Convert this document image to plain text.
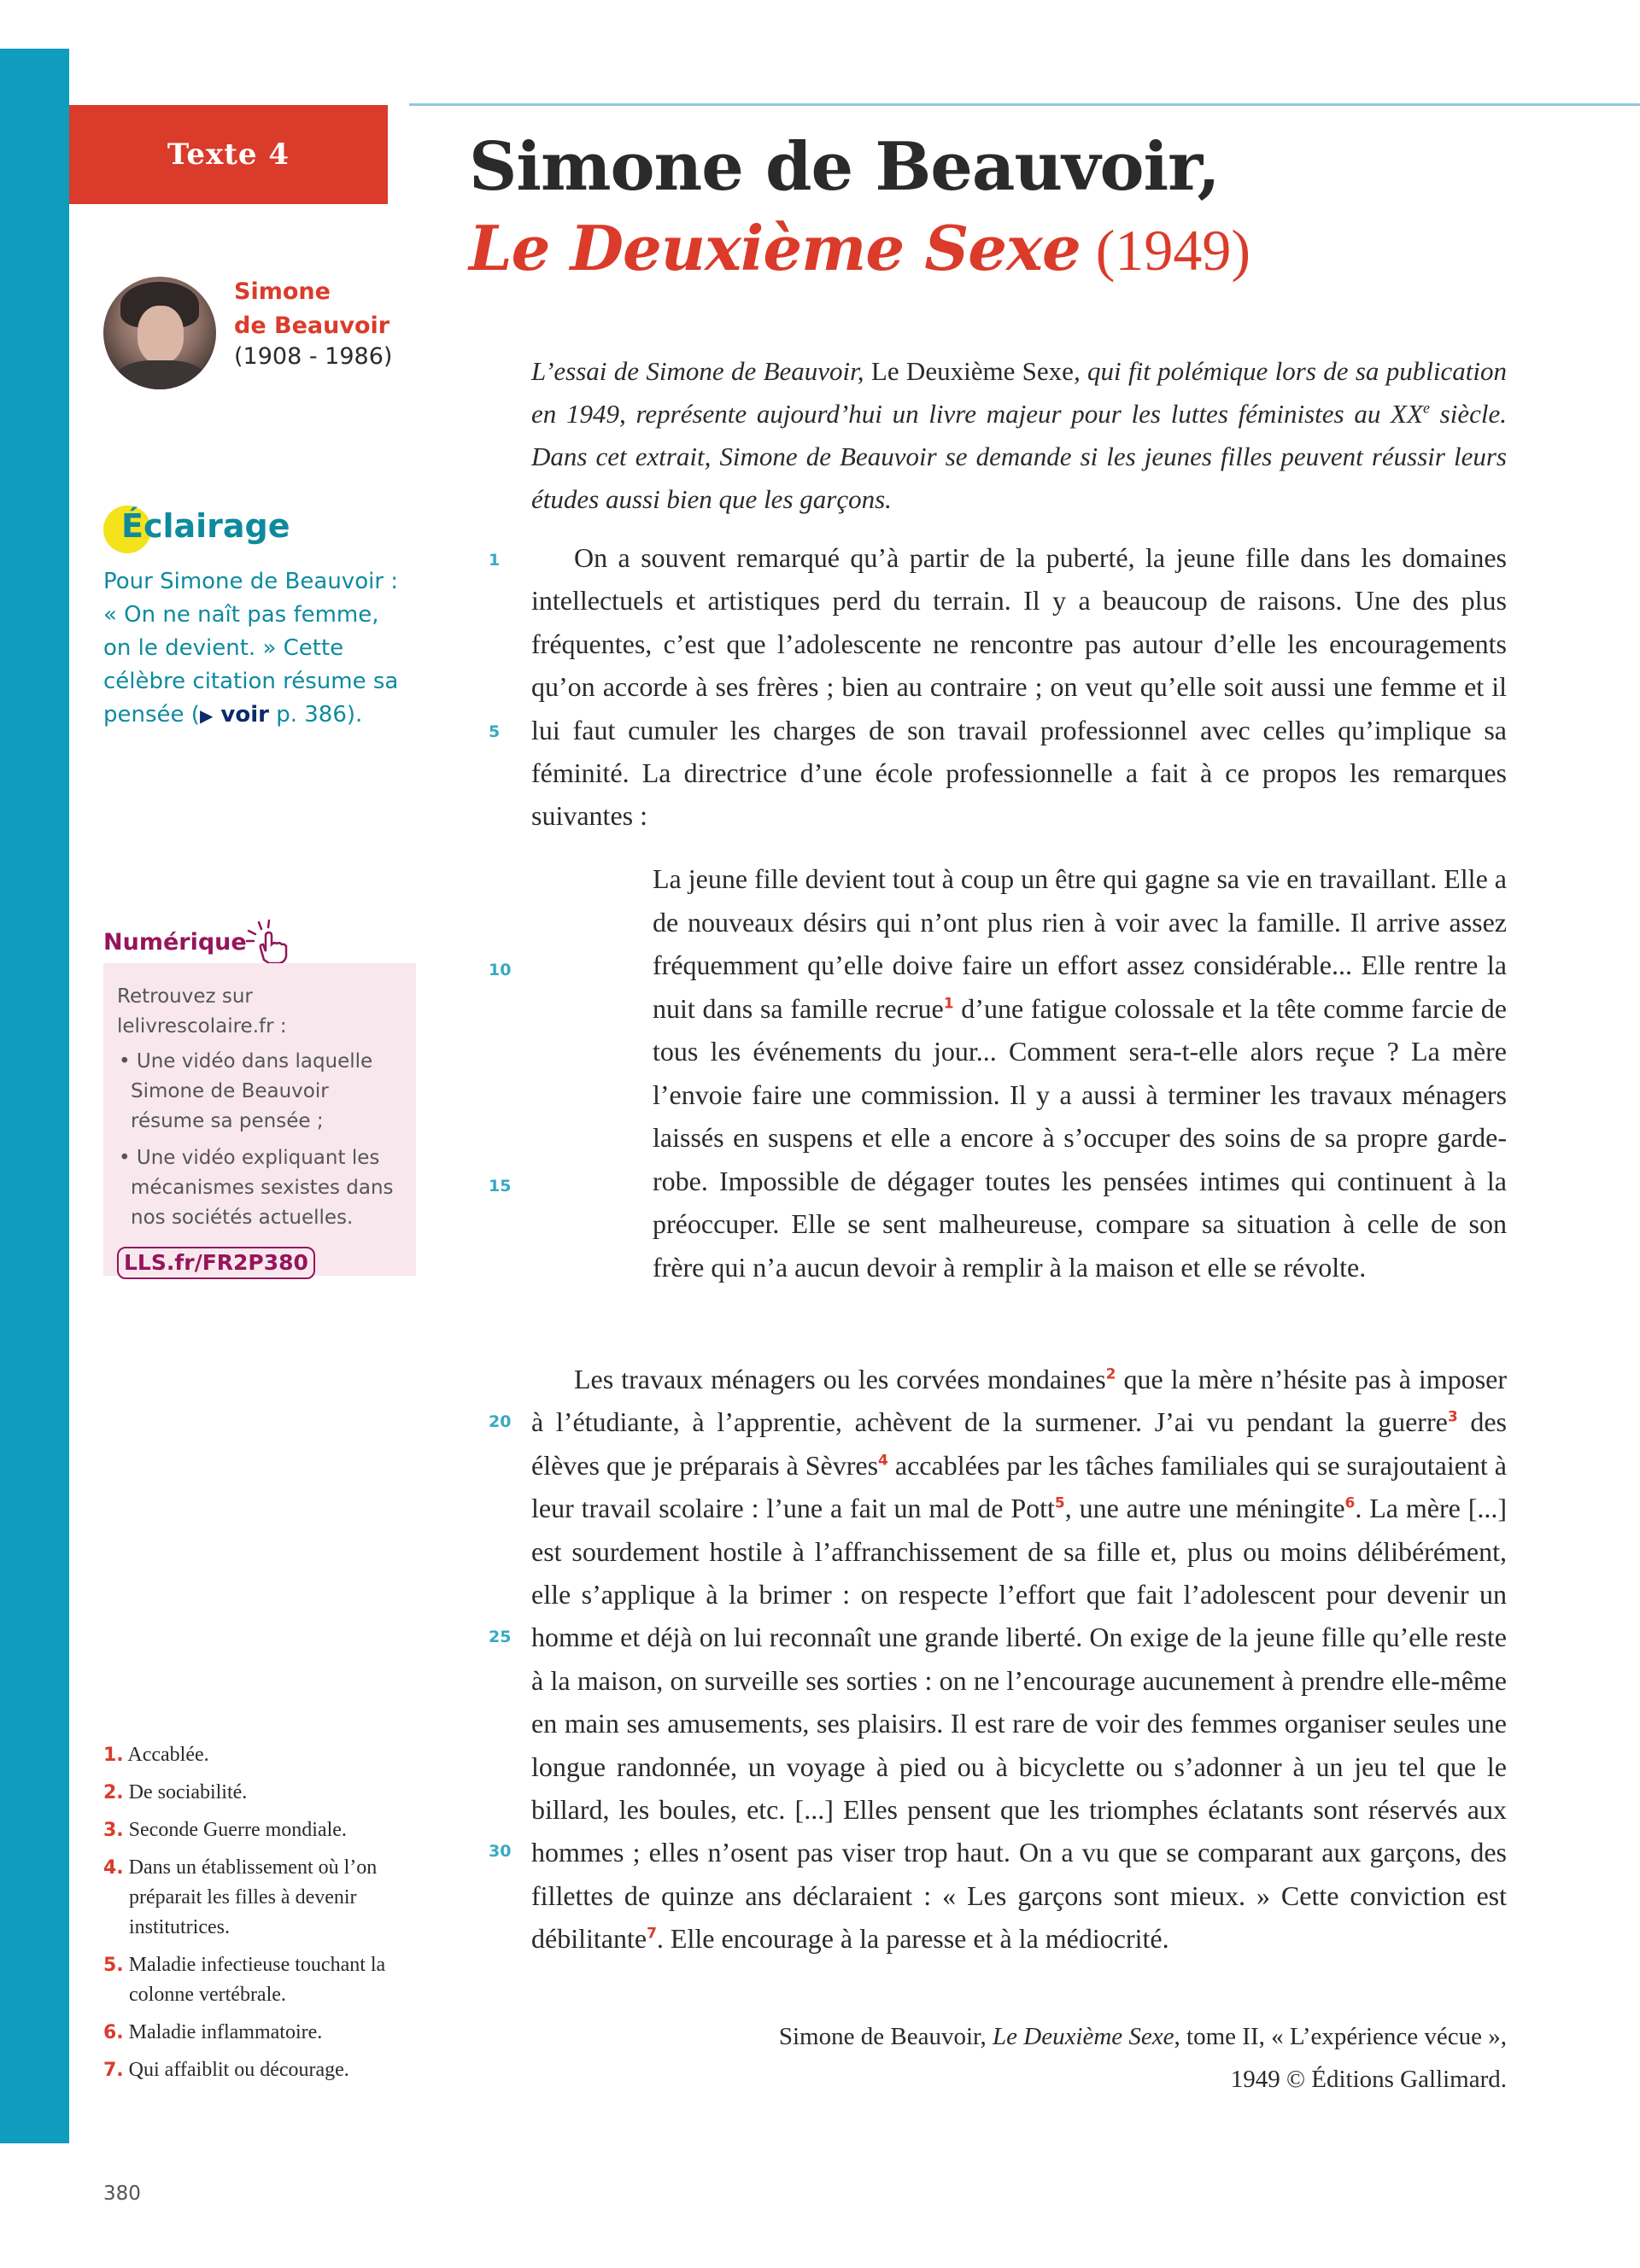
Texte 4	Simone de Beauvoir,
Le Deuxième Sexe (1949)
Simone
de Beauvoir
(1908 - 1986)
Éclairage
Pour Simone de Beauvoir : « On ne naît pas femme, on le devient. » Cette célèbre citation résume sa pensée (▶ voir p. 386).
Numérique
Retrouvez sur lelivrescolaire.fr :
• Une vidéo dans laquelle Simone de Beauvoir résume sa pensée ;
• Une vidéo expliquant les mécanismes sexistes dans nos sociétés actuelles.
LLS.fr/FR2P380
1. Accablée.
2. De sociabilité.
3. Seconde Guerre mondiale.
4. Dans un établissement où l’on préparait les filles à devenir institutrices.
5. Maladie infectieuse touchant la colonne vertébrale.
6. Maladie inflammatoire.
7. Qui affaiblit ou décourage.

L’essai de Simone de Beauvoir, Le Deuxième Sexe, qui fit polémique lors de sa publication en 1949, représente aujourd’hui un livre majeur pour les luttes féministes au XXe siècle. Dans cet extrait, Simone de Beauvoir se demande si les jeunes filles peuvent réussir leurs études aussi bien que les garçons.

On a souvent remarqué qu’à partir de la puberté, la jeune fille dans les domaines intellectuels et artistiques perd du terrain. Il y a beaucoup de raisons. Une des plus fréquentes, c’est que l’adolescente ne rencontre pas autour d’elle les encouragements qu’on accorde à ses frères ; bien au contraire ; on veut qu’elle soit aussi une femme et il lui faut cumuler les charges de son travail professionnel avec celles qu’implique sa féminité. La directrice d’une école professionnelle a fait à ce propos les remarques suivantes :

La jeune fille devient tout à coup un être qui gagne sa vie en travaillant. Elle a de nouveaux désirs qui n’ont plus rien à voir avec la famille. Il arrive assez fréquemment qu’elle doive faire un effort assez considérable... Elle rentre la nuit dans sa famille recrue$^1$ d’une fatigue colossale et la tête comme farcie de tous les événements du jour... Comment sera-t-elle alors reçue ? La mère l’envoie faire une commission. Il y a aussi à terminer les travaux ménagers laissés en suspens et elle a encore à s’occuper des soins de sa propre garde-robe. Impossible de dégager toutes les pensées intimes qui continuent à la préoccuper. Elle se sent malheureuse, compare sa situation à celle de son frère qui n’a aucun devoir à remplir à la maison et elle se révolte.

Les travaux ménagers ou les corvées mondaines$^2$ que la mère n’hésite pas à imposer à l’étudiante, à l’apprentie, achèvent de la surmener. J’ai vu pendant la guerre$^3$ des élèves que je préparais à Sèvres$^4$ accablées par les tâches familiales qui se surajoutaient à leur travail scolaire : l’une a fait un mal de Pott$^5$, une autre une méningite$^6$. La mère [...] est sourdement hostile à l’affranchissement de sa fille et, plus ou moins délibérément, elle s’applique à la brimer : on respecte l’effort que fait l’adolescent pour devenir un homme et déjà on lui reconnaît une grande liberté. On exige de la jeune fille qu’elle reste à la maison, on surveille ses sorties : on ne l’encourage aucunement à prendre elle-même en main ses amusements, ses plaisirs. Il est rare de voir des femmes organiser seules une longue randonnée, un voyage à pied ou à bicyclette ou s’adonner à un jeu tel que le billard, les boules, etc. [...] Elles pensent que les triomphes éclatants sont réservés aux hommes ; elles n’osent pas viser trop haut. On a vu que se comparant aux garçons, des fillettes de quinze ans déclaraient : « Les garçons sont mieux. » Cette conviction est débilitante$^7$. Elle encourage à la paresse et à la médiocrité.

1
5
10
15
20
25
30
Simone de Beauvoir, Le Deuxième Sexe, tome II, « L’expérience vécue »,
1949 © Éditions Gallimard.
380
